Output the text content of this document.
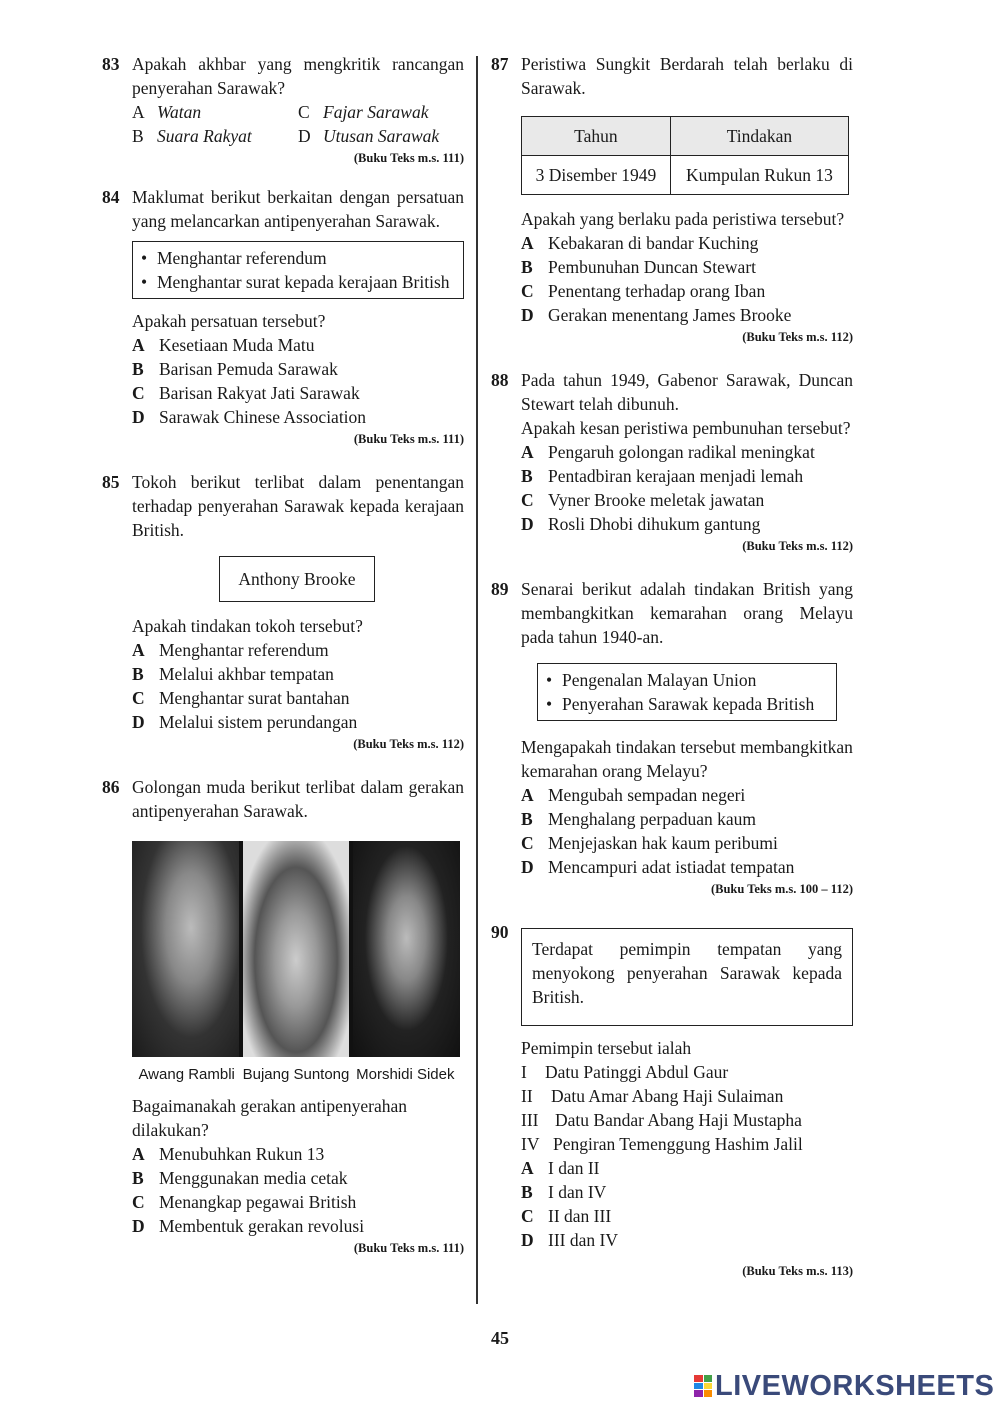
83 Apakah akhbar yang mengkritik rancangan penyerahan Sarawak?
A Watan	C Fajar Sarawak
B Suara Rakyat	D Utusan Sarawak
(Buku Teks m.s. 111)
84 Maklumat berikut berkaitan dengan persatuan yang melancarkan antipenyerahan Sarawak.
• Menghantar referendum
• Menghantar surat kepada kerajaan British
Apakah persatuan tersebut?
A Kesetiaan Muda Matu
B Barisan Pemuda Sarawak
C Barisan Rakyat Jati Sarawak
D Sarawak Chinese Association
(Buku Teks m.s. 111)
85 Tokoh berikut terlibat dalam penentangan terhadap penyerahan Sarawak kepada kerajaan British.
Anthony Brooke
Apakah tindakan tokoh tersebut?
A Menghantar referendum
B Melalui akhbar tempatan
C Menghantar surat bantahan
D Melalui sistem perundangan
(Buku Teks m.s. 112)
86 Golongan muda berikut terlibat dalam gerakan antipenyerahan Sarawak.
Awang Rambli Bujang Suntong Morshidi Sidek
Bagaimanakah gerakan antipenyerahan dilakukan?
A Menubuhkan Rukun 13
B Menggunakan media cetak
C Menangkap pegawai British
D Membentuk gerakan revolusi
(Buku Teks m.s. 111)
87 Peristiwa Sungkit Berdarah telah berlaku di Sarawak.
Tahun	Tindakan
3 Disember 1949	Kumpulan Rukun 13
Apakah yang berlaku pada peristiwa tersebut?
A Kebakaran di bandar Kuching
B Pembunuhan Duncan Stewart
C Penentang terhadap orang Iban
D Gerakan menentang James Brooke
(Buku Teks m.s. 112)
88 Pada tahun 1949, Gabenor Sarawak, Duncan Stewart telah dibunuh.
Apakah kesan peristiwa pembunuhan tersebut?
A Pengaruh golongan radikal meningkat
B Pentadbiran kerajaan menjadi lemah
C Vyner Brooke meletak jawatan
D Rosli Dhobi dihukum gantung
(Buku Teks m.s. 112)
89 Senarai berikut adalah tindakan British yang membangkitkan kemarahan orang Melayu pada tahun 1940-an.
• Pengenalan Malayan Union
• Penyerahan Sarawak kepada British
Mengapakah tindakan tersebut membangkitkan kemarahan orang Melayu?
A Mengubah sempadan negeri
B Menghalang perpaduan kaum
C Menjejaskan hak kaum peribumi
D Mencampuri adat istiadat tempatan
(Buku Teks m.s. 100 – 112)
90
Terdapat pemimpin tempatan yang menyokong penyerahan Sarawak kepada British.
Pemimpin tersebut ialah
I	Datu Patinggi Abdul Gaur
II	Datu Amar Abang Haji Sulaiman
III Datu Bandar Abang Haji Mustapha
IV Pengiran Temenggung Hashim Jalil
A I dan II
B I dan IV
C II dan III
D III dan IV
(Buku Teks m.s. 113)
45
LIVEWORKSHEETS
